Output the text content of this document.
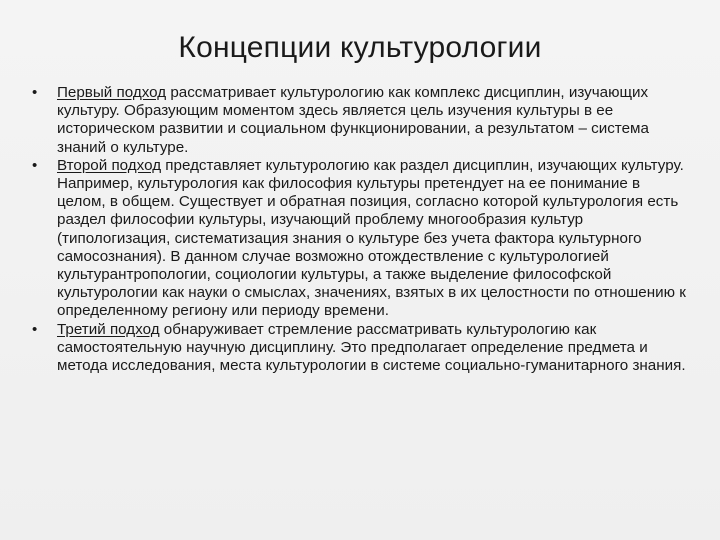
Концепции культурологии
• Первый подход рассматривает культурологию как комплекс дисциплин, изучающих культуру. Образующим моментом здесь является цель изучения культуры в ее историческом развитии и социальном функционировании, а результатом – система знаний о культуре.
• Второй подход представляет культурологию как раздел дисциплин, изучающих культуру. Например, культурология как философия культуры претендует на ее понимание в целом, в общем. Существует и обратная позиция, согласно которой культурология есть раздел философии культуры, изучающий проблему многообразия культур (типологизация, систематизация знания о культуре без учета фактора культурного самосознания). В данном случае возможно отождествление с культурологией культурантропологии, социологии культуры, а также выделение философской культурологии как науки о смыслах, значениях, взятых в их целостности по отношению к определенному региону или периоду времени.
• Третий подход обнаруживает стремление рассматривать культурологию как самостоятельную научную дисциплину. Это предполагает определение предмета и метода исследования, места культурологии в системе социально-гуманитарного знания.
